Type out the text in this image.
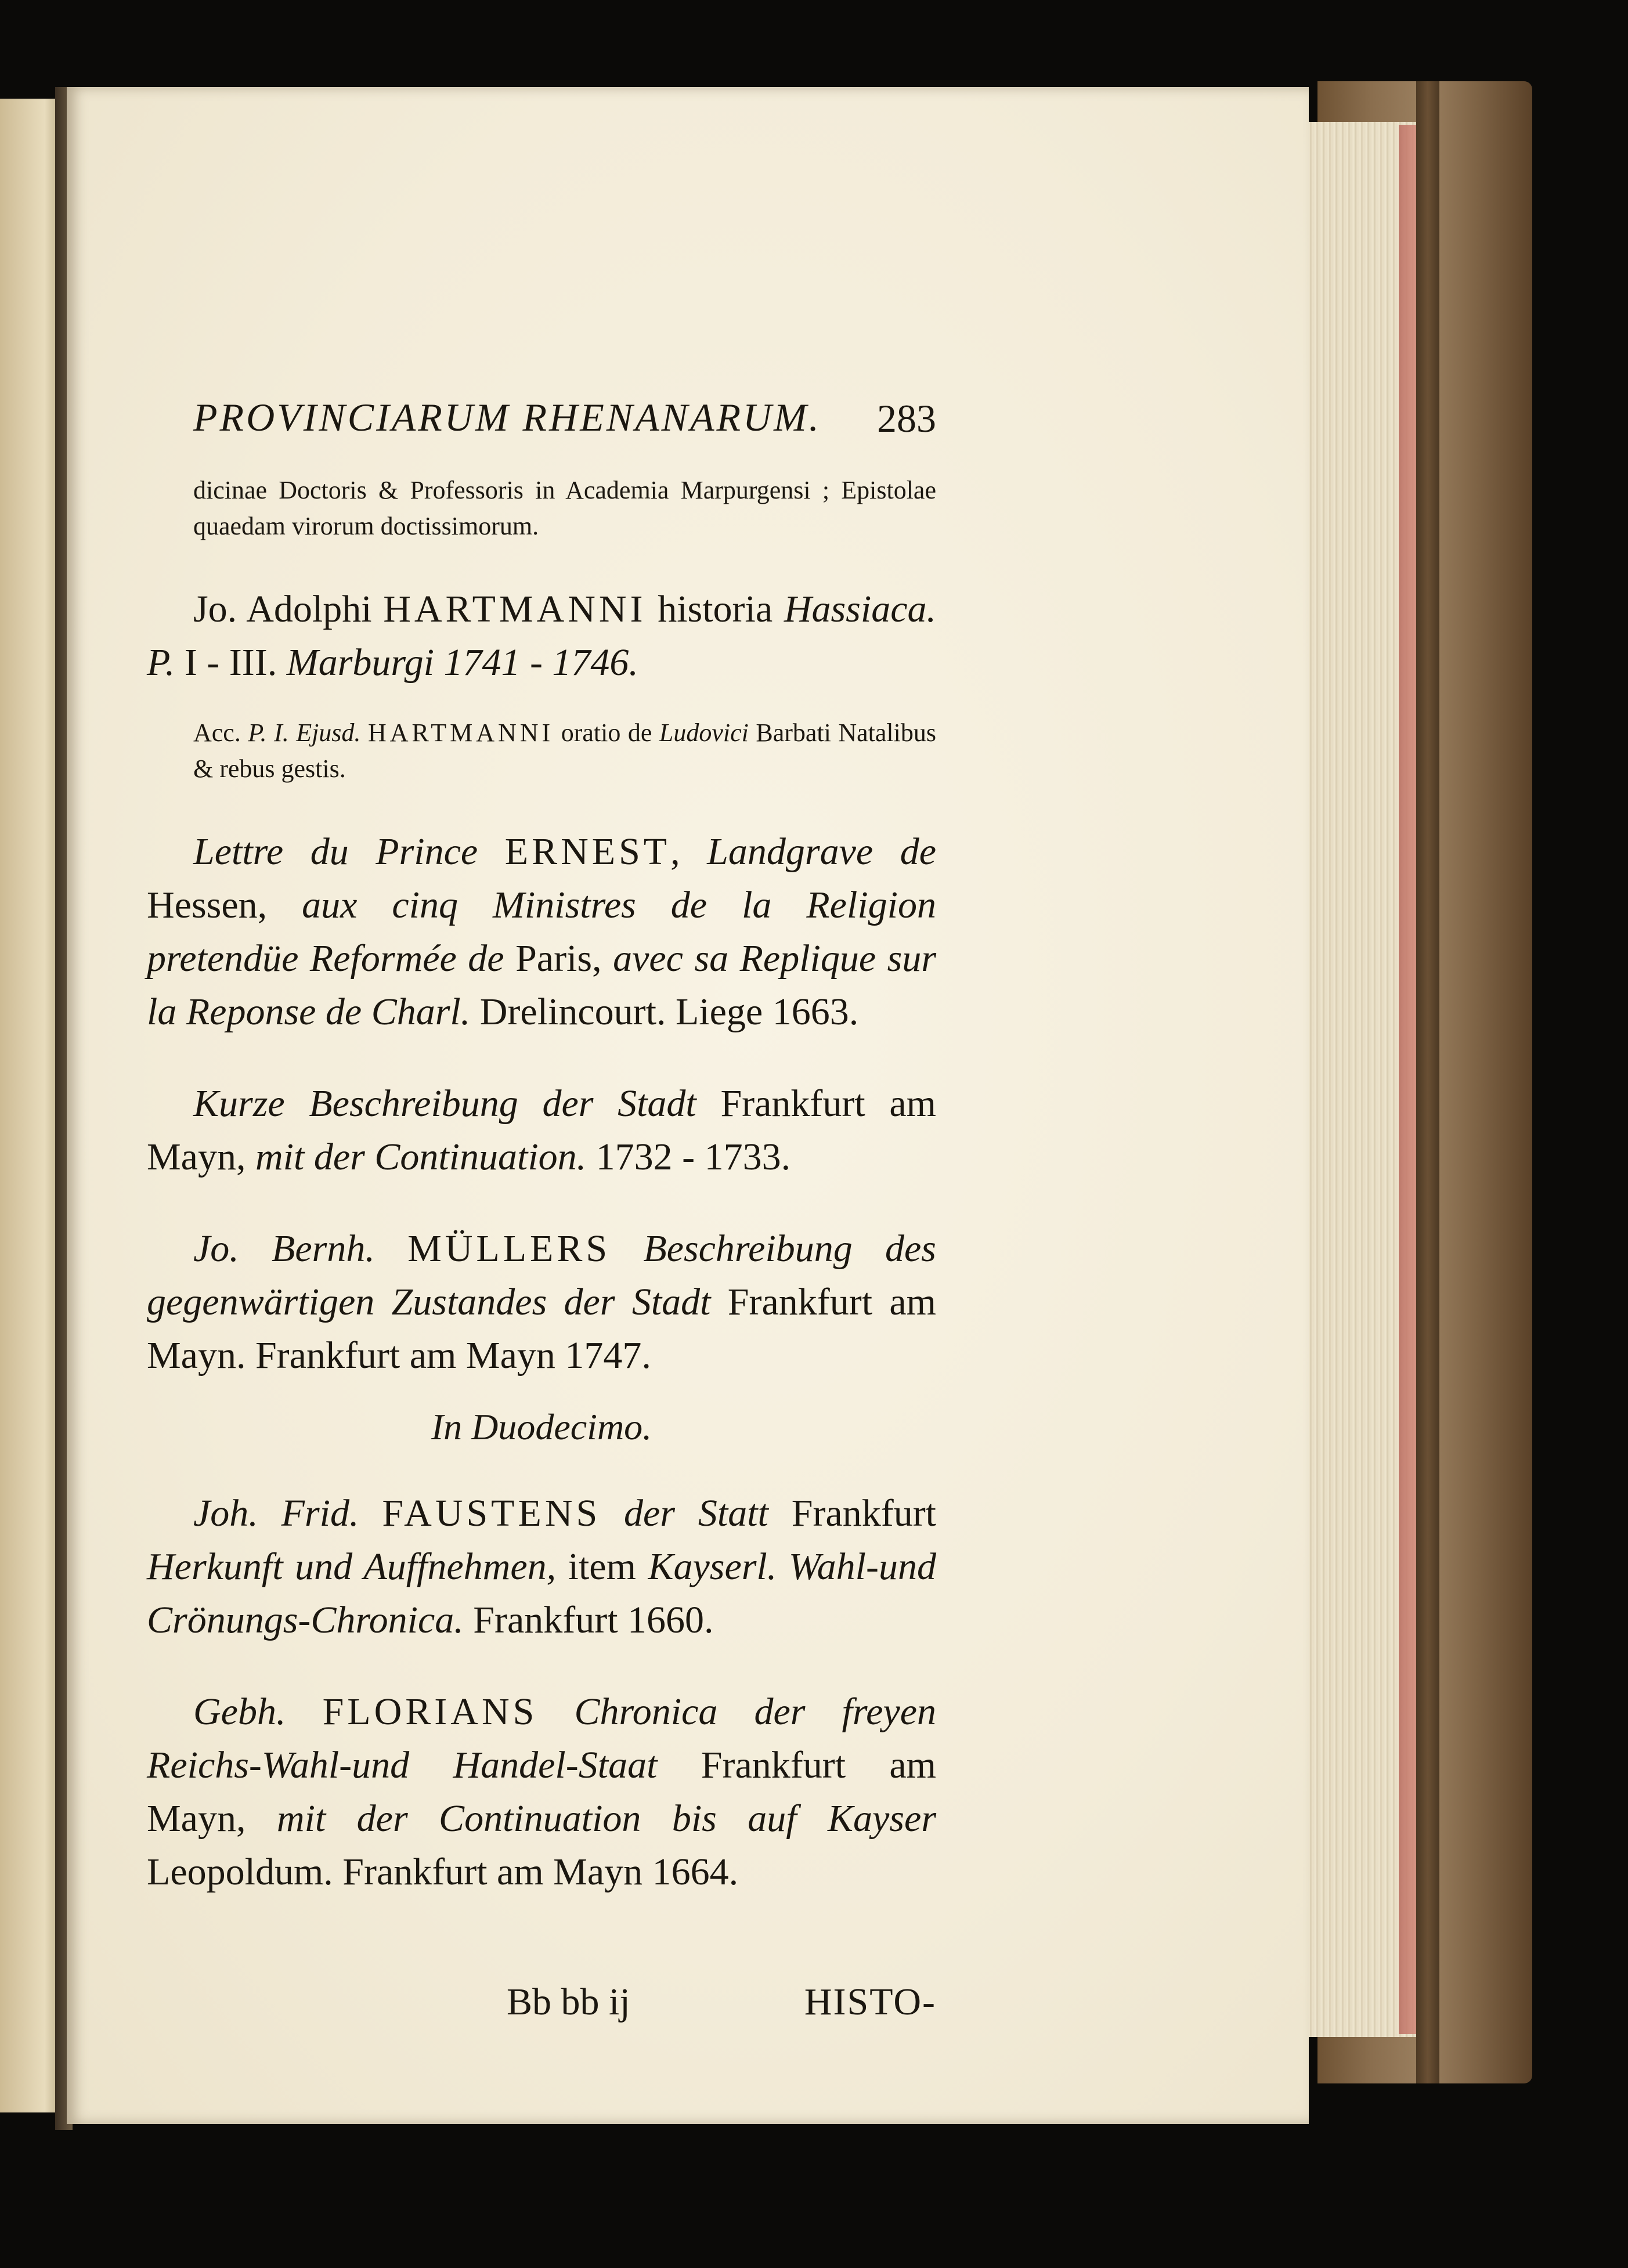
PROVINCIARUM RHENANARUM. 283

dicinae Doctoris & Professoris in Academia Marpurgensi ; Epistolae quaedam virorum doctissimorum.

Jo. Adolphi HARTMANNI historia Hassiaca. P. I - III. Marburgi 1741 - 1746.

Acc. P. I. Ejusd. HARTMANNI oratio de Ludovici Barbati Natalibus & rebus gestis.

Lettre du Prince ERNEST, Landgrave de Hessen, aux cinq Ministres de la Religion pretendüe Reformée de Paris, avec sa Replique sur la Reponse de Charl. Drelincourt. Liege 1663.

Kurze Beschreibung der Stadt Frankfurt am Mayn, mit der Continuation. 1732 - 1733.

Jo. Bernh. MÜLLERS Beschreibung des gegenwärtigen Zustandes der Stadt Frankfurt am Mayn. Frankfurt am Mayn 1747.

In Duodecimo.

Joh. Frid. FAUSTENS der Statt Frankfurt Herkunft und Auffnehmen, item Kayserl. Wahl-und Crönungs-Chronica. Frankfurt 1660.

Gebh. FLORIANS Chronica der freyen Reichs-Wahl-und Handel-Staat Frankfurt am Mayn, mit der Continuation bis auf Kayser Leopoldum. Frankfurt am Mayn 1664.

Bb bb ij	HISTO-
